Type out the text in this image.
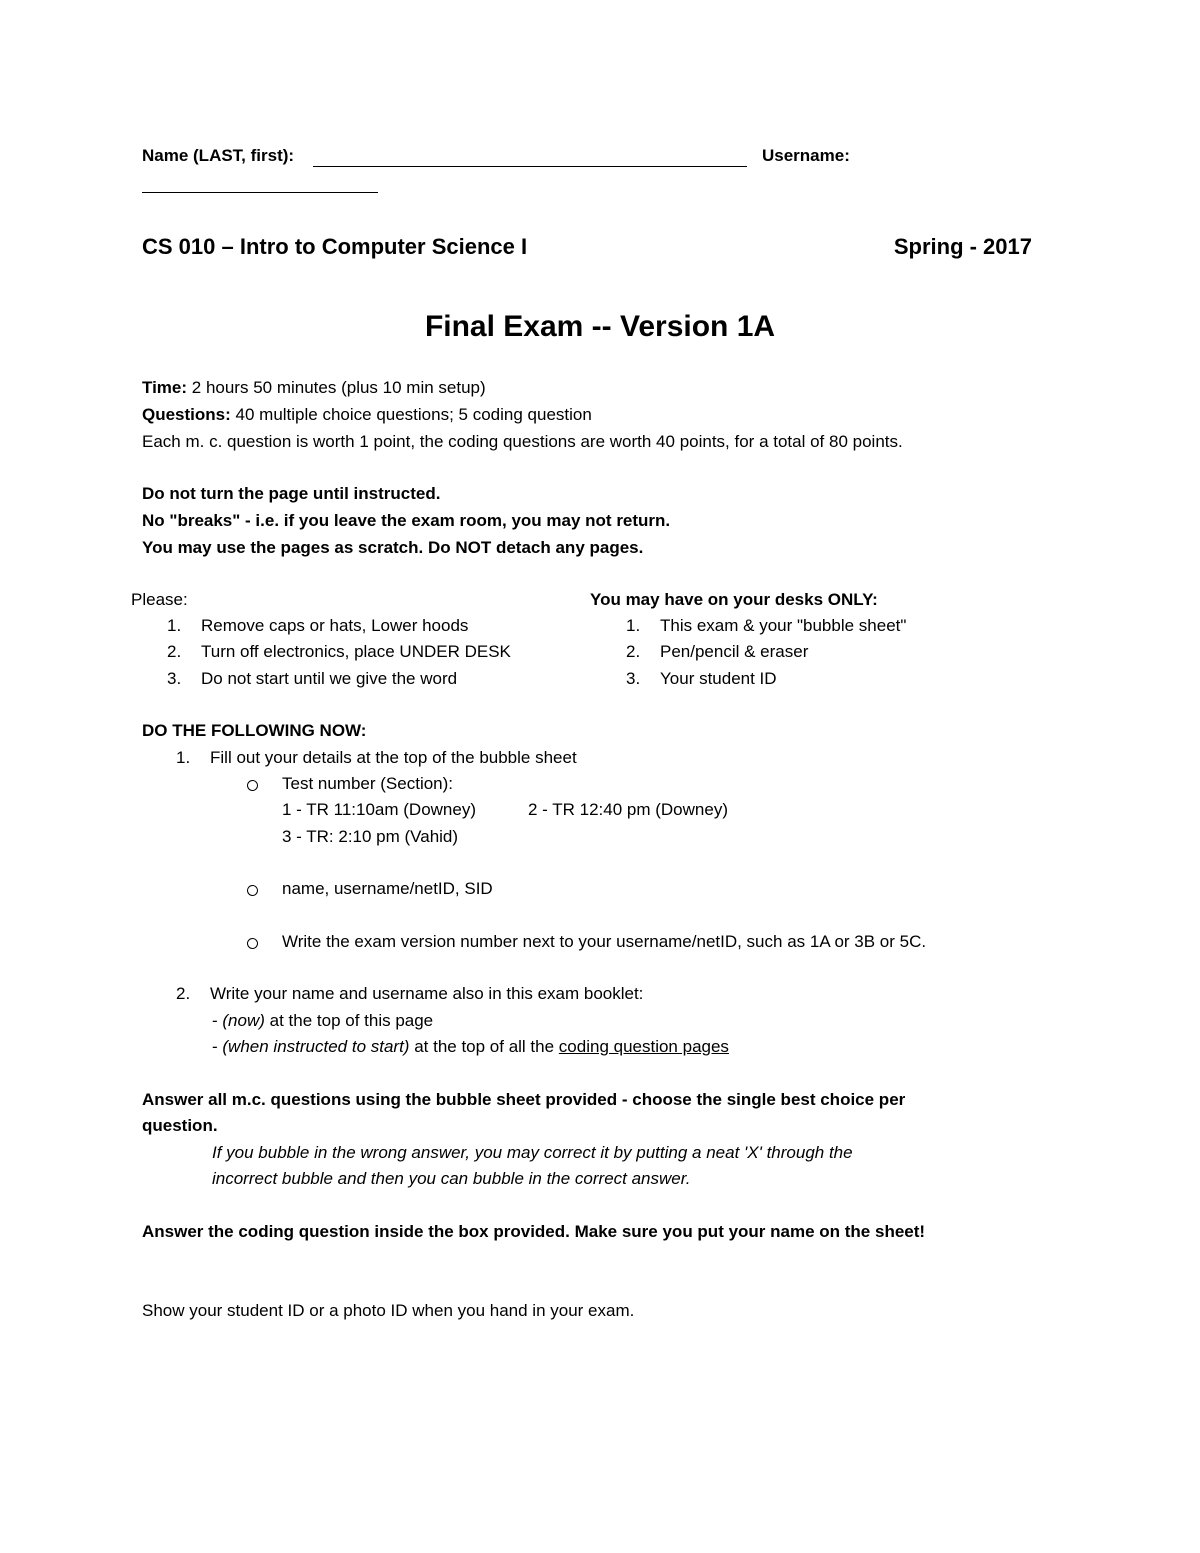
Name (LAST, first):	Username:
CS 010 – Intro to Computer Science I	Spring - 2017
Final Exam -- Version 1A
Time: 2 hours 50 minutes (plus 10 min setup)
Questions: 40 multiple choice questions; 5 coding question
Each m. c. question is worth 1 point, the coding questions are worth 40 points, for a total of 80 points.
Do not turn the page until instructed.
No "breaks" - i.e. if you leave the exam room, you may not return.
You may use the pages as scratch. Do NOT detach any pages.
Please:
1. Remove caps or hats, Lower hoods
2. Turn off electronics, place UNDER DESK
3. Do not start until we give the word
You may have on your desks ONLY:
1. This exam & your "bubble sheet"
2. Pen/pencil & eraser
3. Your student ID
DO THE FOLLOWING NOW:
1. Fill out your details at the top of the bubble sheet
Test number (Section):
1 - TR 11:10am (Downey)	2 - TR 12:40 pm (Downey)
3 - TR: 2:10 pm (Vahid)
name, username/netID, SID
Write the exam version number next to your username/netID, such as 1A or 3B or 5C.
2. Write your name and username also in this exam booklet:
- (now) at the top of this page
- (when instructed to start) at the top of all the coding question pages
Answer all m.c. questions using the bubble sheet provided - choose the single best choice per
question.
If you bubble in the wrong answer, you may correct it by putting a neat 'X' through the
incorrect bubble and then you can bubble in the correct answer.
Answer the coding question inside the box provided. Make sure you put your name on the sheet!
Show your student ID or a photo ID when you hand in your exam.
